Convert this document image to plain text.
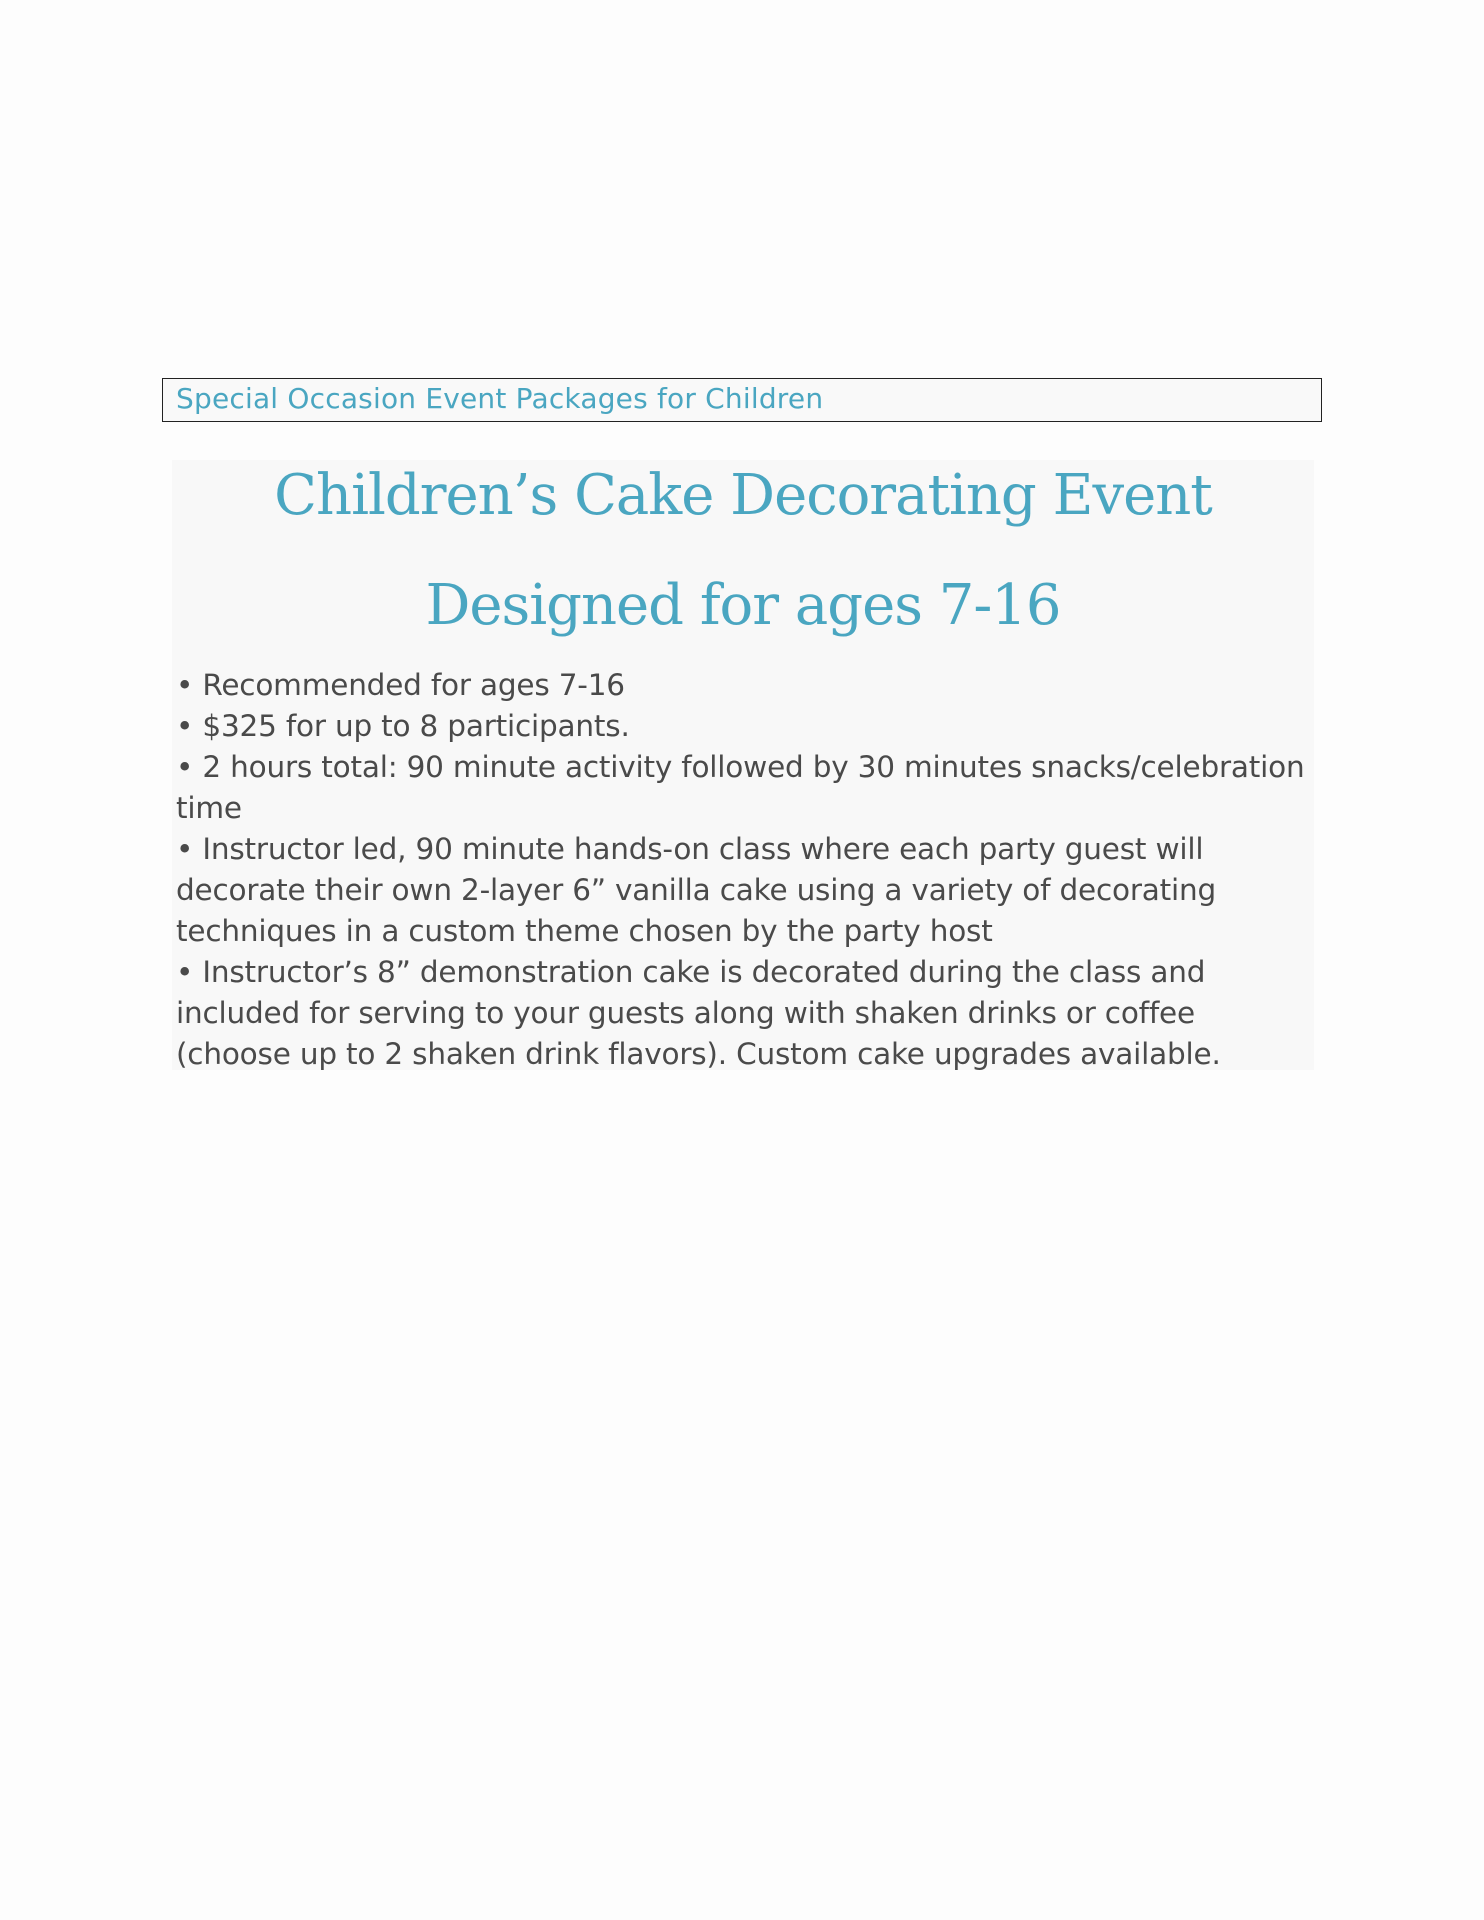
Special Occasion Event Packages for Children
Children’s Cake Decorating Event
Designed for ages 7-16
• Recommended for ages 7-16
• $325 for up to 8 participants.
• 2 hours total: 90 minute activity followed by 30 minutes snacks/celebration time
• Instructor led, 90 minute hands-on class where each party guest will decorate their own 2-layer 6” vanilla cake using a variety of decorating techniques in a custom theme chosen by the party host
• Instructor’s 8” demonstration cake is decorated during the class and included for serving to your guests along with shaken drinks or coffee (choose up to 2 shaken drink flavors). Custom cake upgrades available.
